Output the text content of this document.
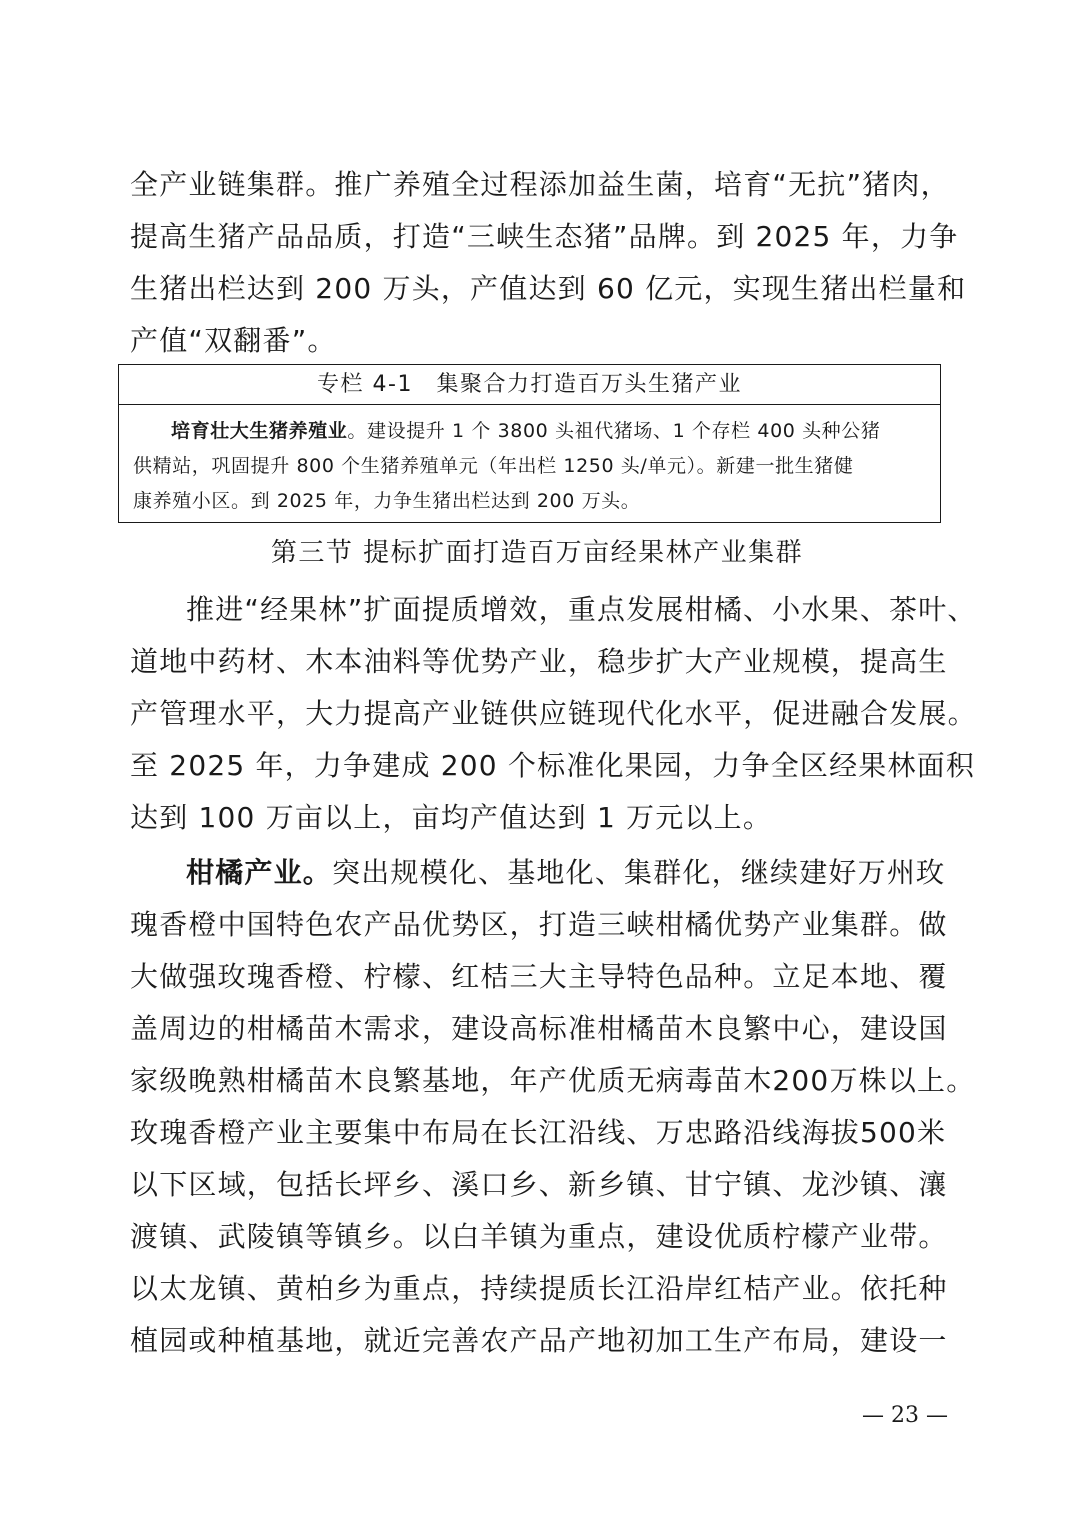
全产业链集群。推广养殖全过程添加益生菌，培育“无抗”猪肉，
提高生猪产品品质，打造“三峡生态猪”品牌。到 2025 年，力争
生猪出栏达到 200 万头，产值达到 60 亿元，实现生猪出栏量和
产值“双翻番”。
专栏 4-1　集聚合力打造百万头生猪产业
培育壮大生猪养殖业。建设提升 1 个 3800 头祖代猪场、1 个存栏 400 头种公猪
供精站，巩固提升 800 个生猪养殖单元（年出栏 1250 头/单元）。新建一批生猪健
康养殖小区。到 2025 年，力争生猪出栏达到 200 万头。
第三节 提标扩面打造百万亩经果林产业集群
推进“经果林”扩面提质增效，重点发展柑橘、小水果、茶叶、
道地中药材、木本油料等优势产业，稳步扩大产业规模，提高生
产管理水平，大力提高产业链供应链现代化水平，促进融合发展。
至 2025 年，力争建成 200 个标准化果园，力争全区经果林面积
达到 100 万亩以上，亩均产值达到 1 万元以上。
柑橘产业。突出规模化、基地化、集群化，继续建好万州玫
瑰香橙中国特色农产品优势区，打造三峡柑橘优势产业集群。做
大做强玫瑰香橙、柠檬、红桔三大主导特色品种。立足本地、覆
盖周边的柑橘苗木需求，建设高标准柑橘苗木良繁中心，建设国
家级晚熟柑橘苗木良繁基地，年产优质无病毒苗木200万株以上。
玫瑰香橙产业主要集中布局在长江沿线、万忠路沿线海拔500米
以下区域，包括长坪乡、溪口乡、新乡镇、甘宁镇、龙沙镇、瀼
渡镇、武陵镇等镇乡。以白羊镇为重点，建设优质柠檬产业带。
以太龙镇、黄柏乡为重点，持续提质长江沿岸红桔产业。依托种
植园或种植基地，就近完善农产品产地初加工生产布局，建设一
— 23 —
